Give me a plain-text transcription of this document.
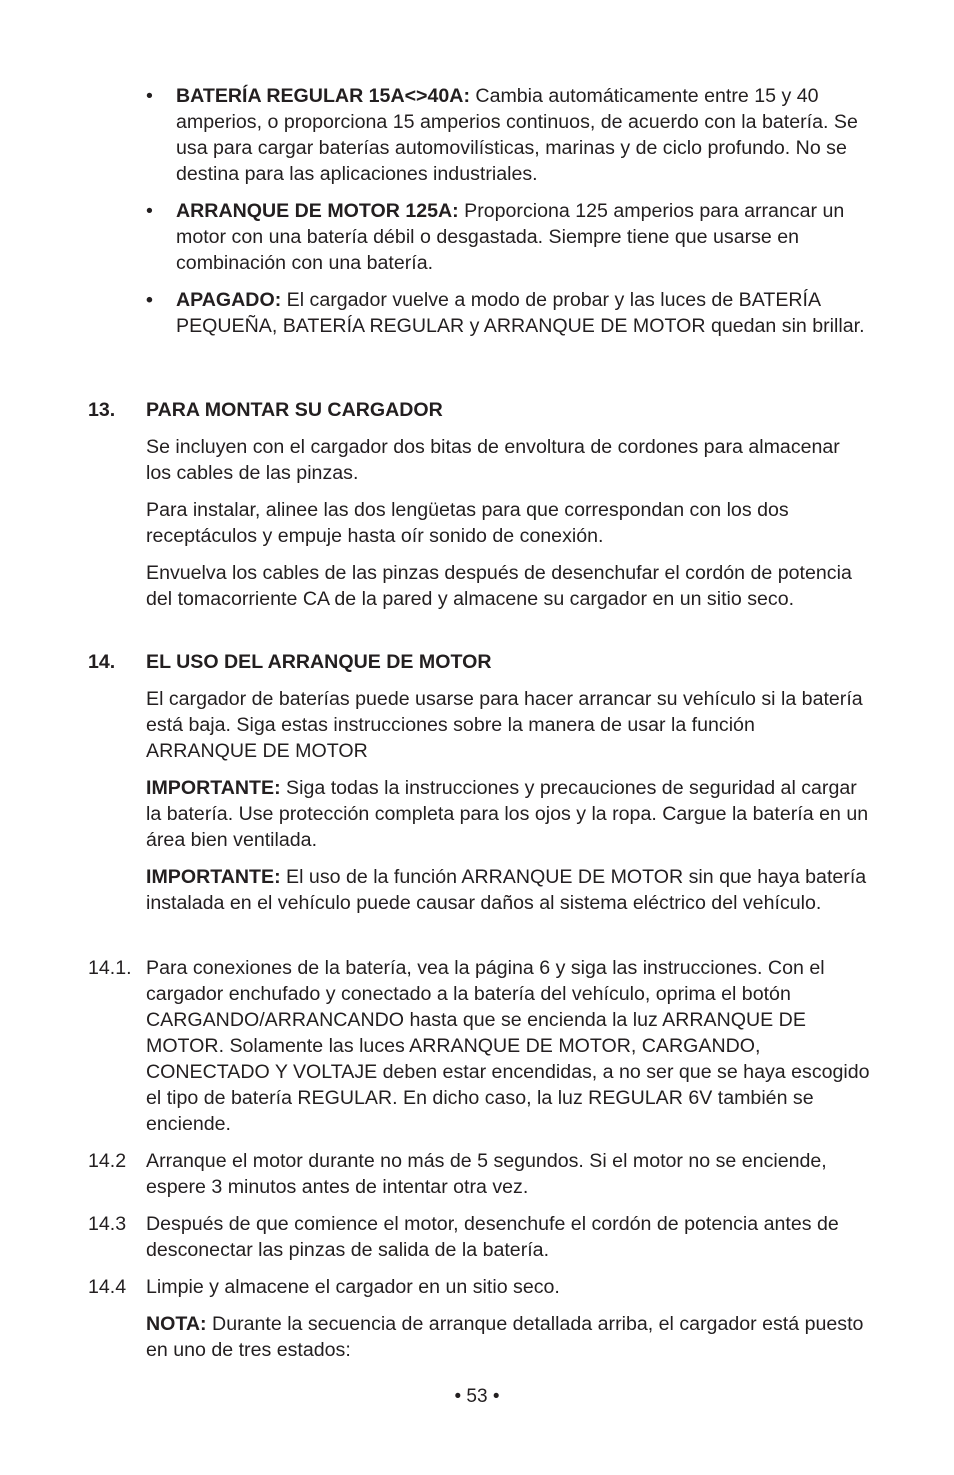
• BATERÍA REGULAR 15A<>40A: Cambia automáticamente entre 15 y 40 amperios, o proporciona 15 amperios continuos, de acuerdo con la batería. Se usa para cargar baterías automovilísticas, marinas y de ciclo profundo. No se destina para las aplicaciones industriales.

• ARRANQUE DE MOTOR 125A: Proporciona 125 amperios para arrancar un motor con una batería débil o desgastada. Siempre tiene que usarse en combinación con una batería.

• APAGADO: El cargador vuelve a modo de probar y las luces de BATERÍA PEQUEÑA, BATERÍA REGULAR y ARRANQUE DE MOTOR quedan sin brillar.

13. PARA MONTAR SU CARGADOR

Se incluyen con el cargador dos bitas de envoltura de cordones para almacenar los cables de las pinzas.

Para instalar, alinee las dos lengüetas para que correspondan con los dos receptáculos y empuje hasta oír sonido de conexión.

Envuelva los cables de las pinzas después de desenchufar el cordón de potencia del tomacorriente CA de la pared y almacene su cargador en un sitio seco.

14. EL USO DEL ARRANQUE DE MOTOR

El cargador de baterías puede usarse para hacer arrancar su vehículo si la batería está baja. Siga estas instrucciones sobre la manera de usar la función ARRANQUE DE MOTOR

IMPORTANTE: Siga todas la instrucciones y precauciones de seguridad al cargar la batería. Use protección completa para los ojos y la ropa. Cargue la batería en un área bien ventilada.

IMPORTANTE: El uso de la función ARRANQUE DE MOTOR sin que haya batería instalada en el vehículo puede causar daños al sistema eléctrico del vehículo.

14.1. Para conexiones de la batería, vea la página 6 y siga las instrucciones. Con el cargador enchufado y conectado a la batería del vehículo, oprima el botón CARGANDO/ARRANCANDO hasta que se encienda la luz ARRANQUE DE MOTOR. Solamente las luces ARRANQUE DE MOTOR, CARGANDO, CONECTADO Y VOLTAJE deben estar encendidas, a no ser que se haya escogido el tipo de batería REGULAR. En dicho caso, la luz REGULAR 6V también se enciende.

14.2 Arranque el motor durante no más de 5 segundos. Si el motor no se enciende, espere 3 minutos antes de intentar otra vez.

14.3 Después de que comience el motor, desenchufe el cordón de potencia antes de desconectar las pinzas de salida de la batería.

14.4 Limpie y almacene el cargador en un sitio seco.

NOTA: Durante la secuencia de arranque detallada arriba, el cargador está puesto en uno de tres estados:

• 53 •
